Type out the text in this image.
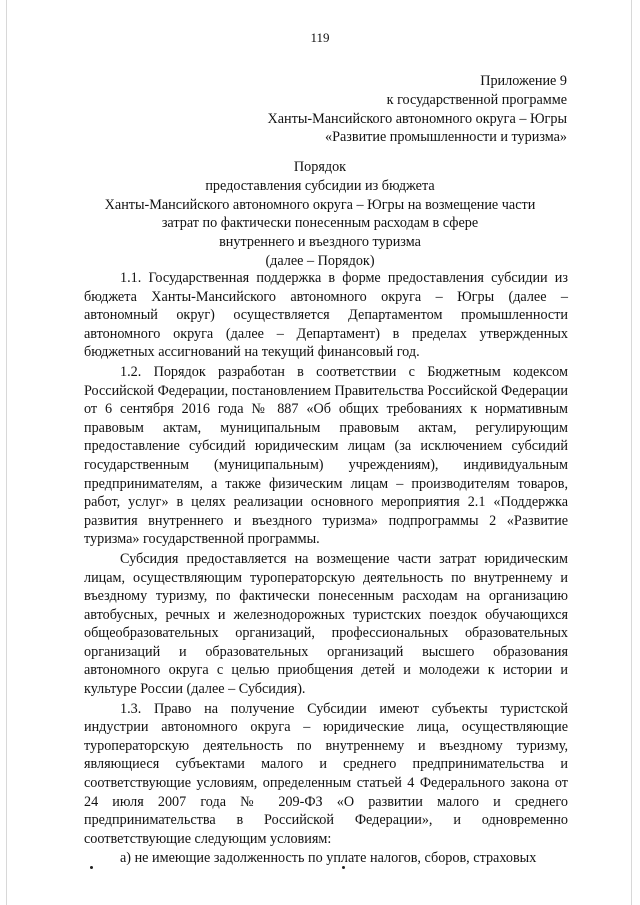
119
Приложение 9
к государственной программе
Ханты-Мансийского автономного округа – Югры
«Развитие промышленности и туризма»
Порядок
предоставления субсидии из бюджета
Ханты-Мансийского автономного округа – Югры на возмещение части
затрат по фактически понесенным расходам в сфере
внутреннего и въездного туризма
(далее – Порядок)

1.1. Государственная поддержка в форме предоставления субсидии из бюджета Ханты-Мансийского автономного округа – Югры (далее – автономный округ) осуществляется Департаментом промышленности автономного округа (далее – Департамент) в пределах утвержденных бюджетных ассигнований на текущий финансовый год.

1.2. Порядок разработан в соответствии с Бюджетным кодексом Российской Федерации, постановлением Правительства Российской Федерации от 6 сентября 2016 года № 887 «Об общих требованиях к нормативным правовым актам, муниципальным правовым актам, регулирующим предоставление субсидий юридическим лицам (за исключением субсидий государственным (муниципальным) учреждениям), индивидуальным предпринимателям, а также физическим лицам – производителям товаров, работ, услуг» в целях реализации основного мероприятия 2.1 «Поддержка развития внутреннего и въездного туризма» подпрограммы 2 «Развитие туризма» государственной программы.

Субсидия предоставляется на возмещение части затрат юридическим лицам, осуществляющим туроператорскую деятельность по внутреннему и въездному туризму, по фактически понесенным расходам на организацию автобусных, речных и железнодорожных туристских поездок обучающихся общеобразовательных организаций, профессиональных образовательных организаций и образовательных организаций высшего образования автономного округа с целью приобщения детей и молодежи к истории и культуре России (далее – Субсидия).

1.3. Право на получение Субсидии имеют субъекты туристской индустрии автономного округа – юридические лица, осуществляющие туроператорскую деятельность по внутреннему и въездному туризму, являющиеся субъектами малого и среднего предпринимательства и соответствующие условиям, определенным статьей 4 Федерального закона от 24 июля 2007 года № 209-ФЗ «О развитии малого и среднего предпринимательства в Российской Федерации», и одновременно соответствующие следующим условиям:

а) не имеющие задолженность по уплате налогов, сборов, страховых
